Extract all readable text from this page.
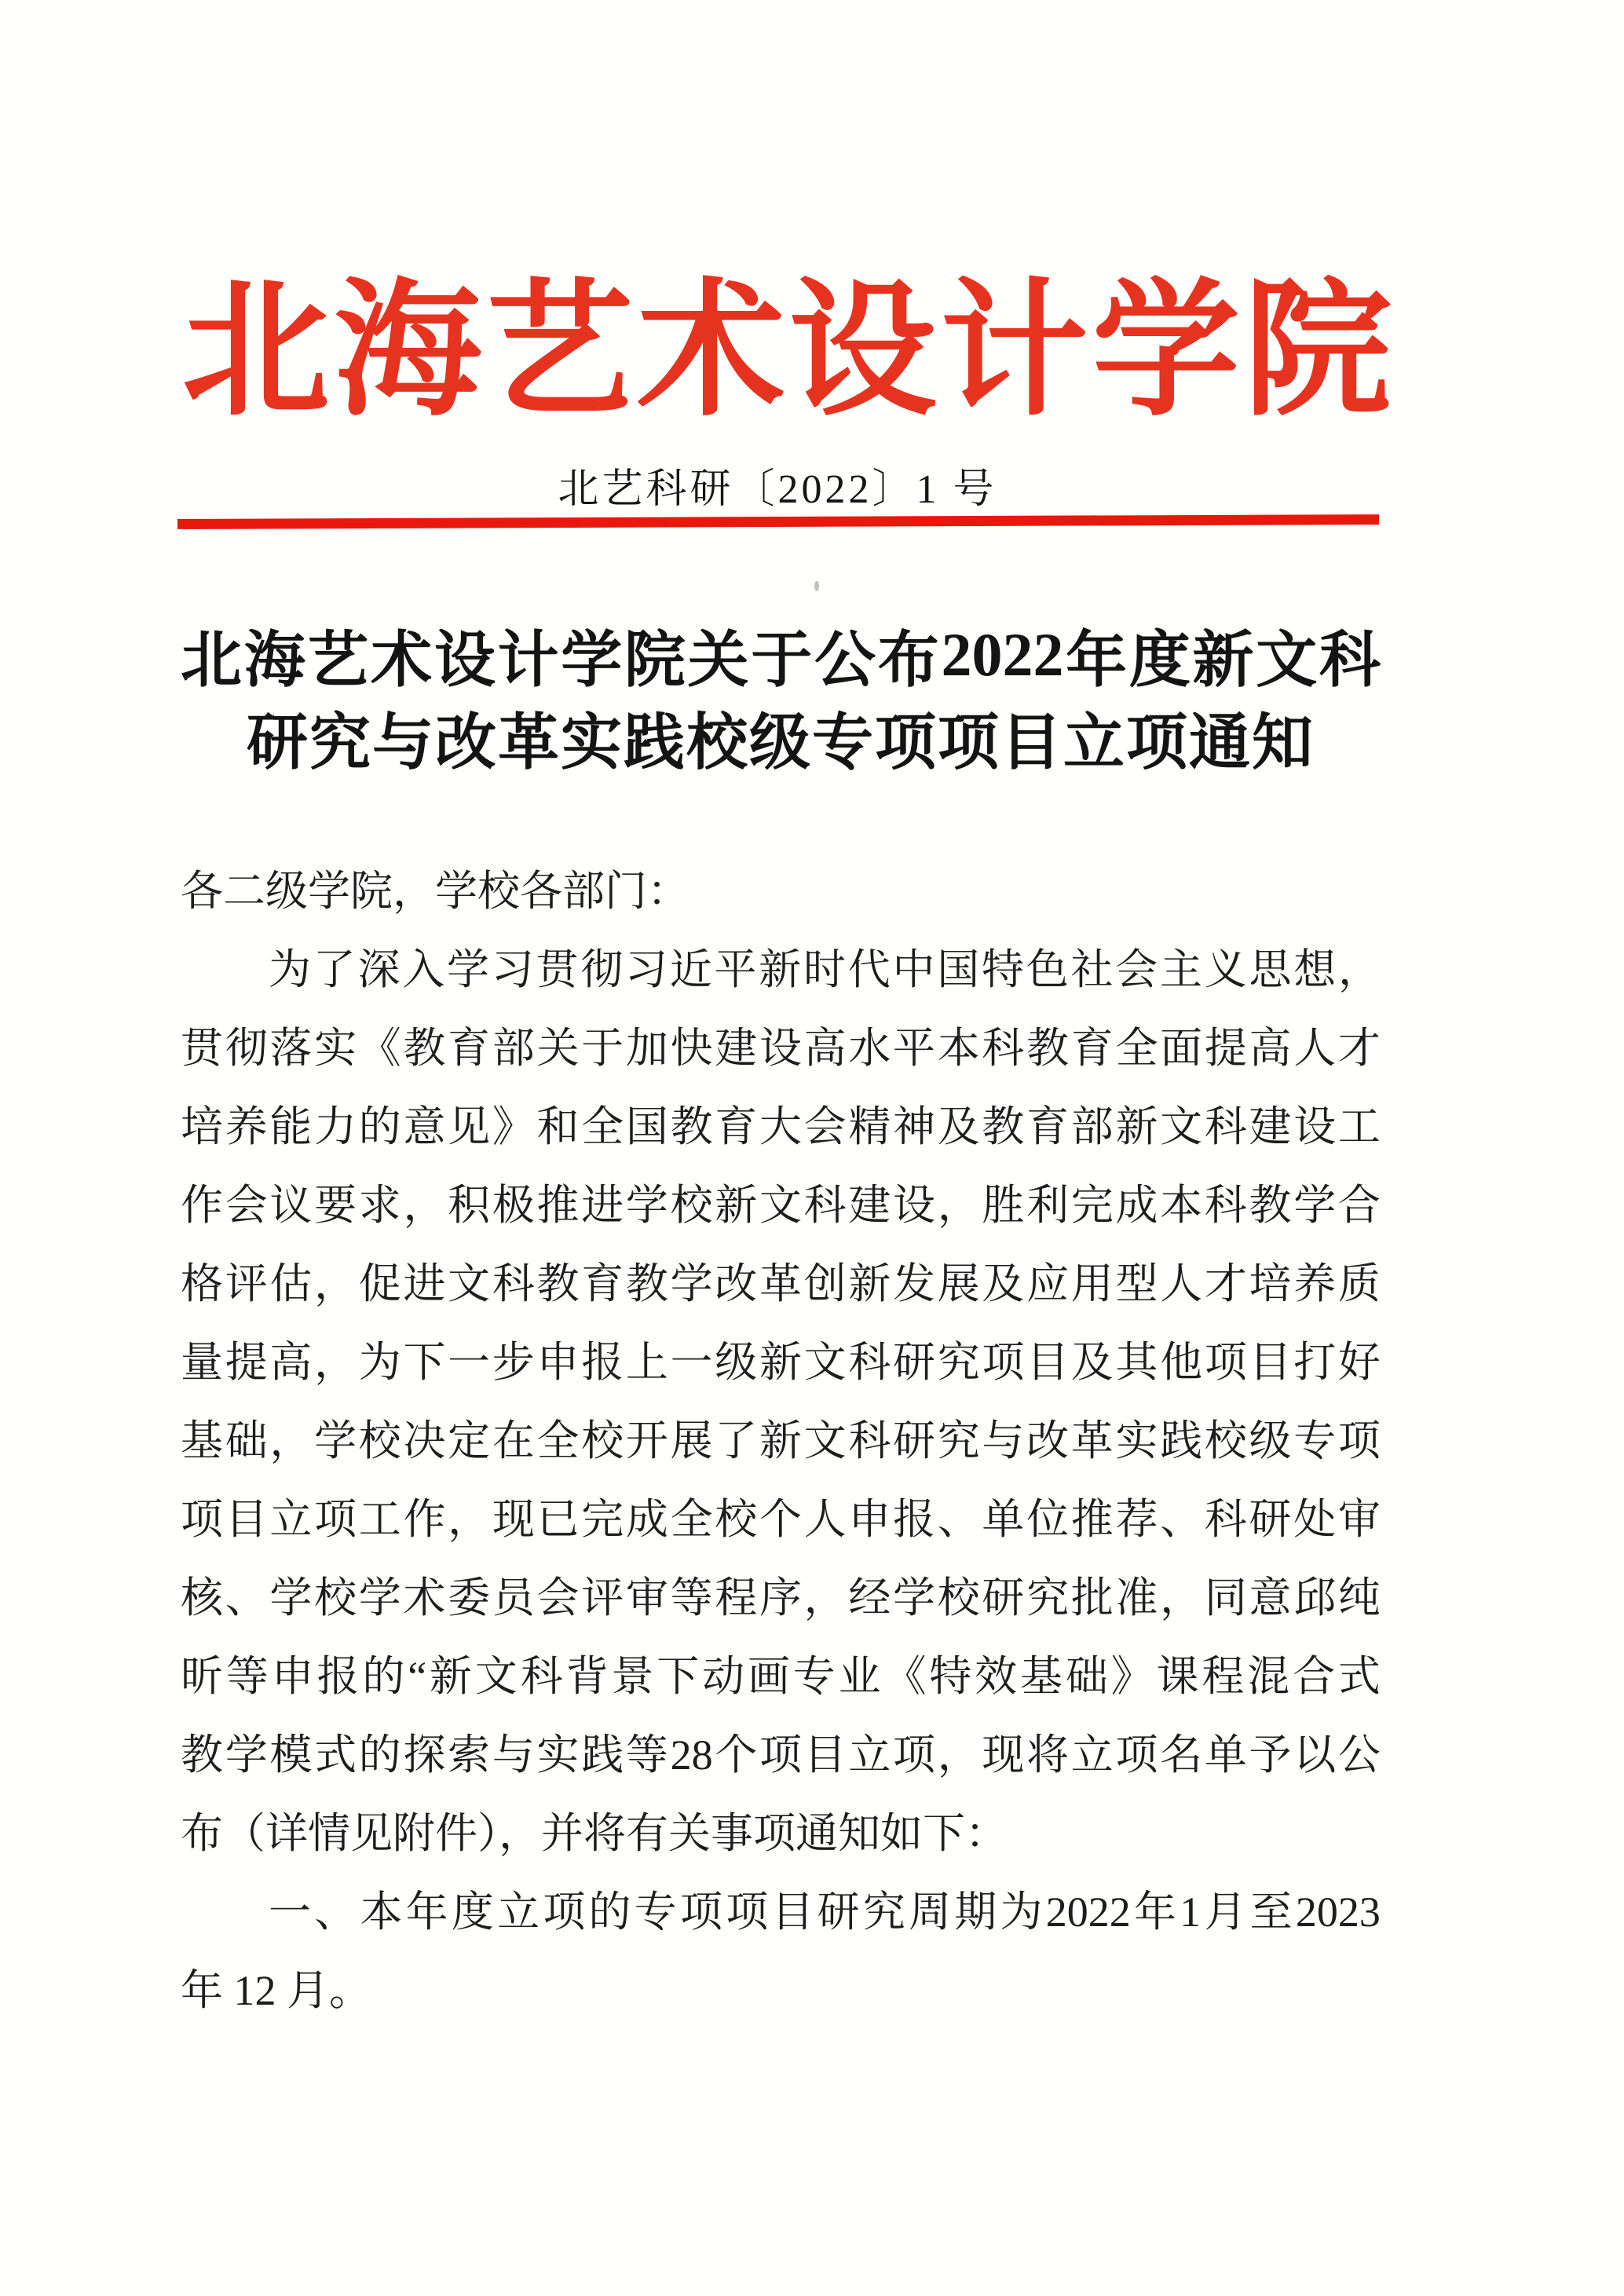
北 海 艺 术 设 计 学 院
北艺科研〔2022〕1 号
北 海 艺 术 设 计 学 院 关 于 公 布 2022 年 度 新 文 科
研究与改革实践校级专项项目立项通知
各二级学院，学校各部门：
为 了 深 入 学 习 贯 彻 习 近 平 新 时 代 中 国 特 色 社 会 主 义 思 想 ，
贯 彻 落 实 《 教 育 部 关 于 加 快 建 设 高 水 平 本 科 教 育 全 面 提 高 人 才
培 养 能 力 的 意 见 》 和 全 国 教 育 大 会 精 神 及 教 育 部 新 文 科 建 设 工
作 会 议 要 求 ， 积 极 推 进 学 校 新 文 科 建 设 ， 胜 利 完 成 本 科 教 学 合
格 评 估 ， 促 进 文 科 教 育 教 学 改 革 创 新 发 展 及 应 用 型 人 才 培 养 质
量 提 高 ， 为 下 一 步 申 报 上 一 级 新 文 科 研 究 项 目 及 其 他 项 目 打 好
基 础 ， 学 校 决 定 在 全 校 开 展 了 新 文 科 研 究 与 改 革 实 践 校 级 专 项
项 目 立 项 工 作 ， 现 已 完 成 全 校 个 人 申 报 、 单 位 推 荐 、 科 研 处 审
核 、 学 校 学 术 委 员 会 评 审 等 程 序 ， 经 学 校 研 究 批 准 ， 同 意 邱 纯
昕 等 申 报 的 “ 新 文 科 背 景 下 动 画 专 业 《 特 效 基 础 》 课 程 混 合 式
教 学 模 式 的 探 索 与 实 践 等 28 个 项 目 立 项 ， 现 将 立 项 名 单 予 以 公
布（详情见附件），并将有关事项通知如下：
一 、 本 年 度 立 项 的 专 项 项 目 研 究 周 期 为 2022 年 1 月 至 2023
年 12 月。
